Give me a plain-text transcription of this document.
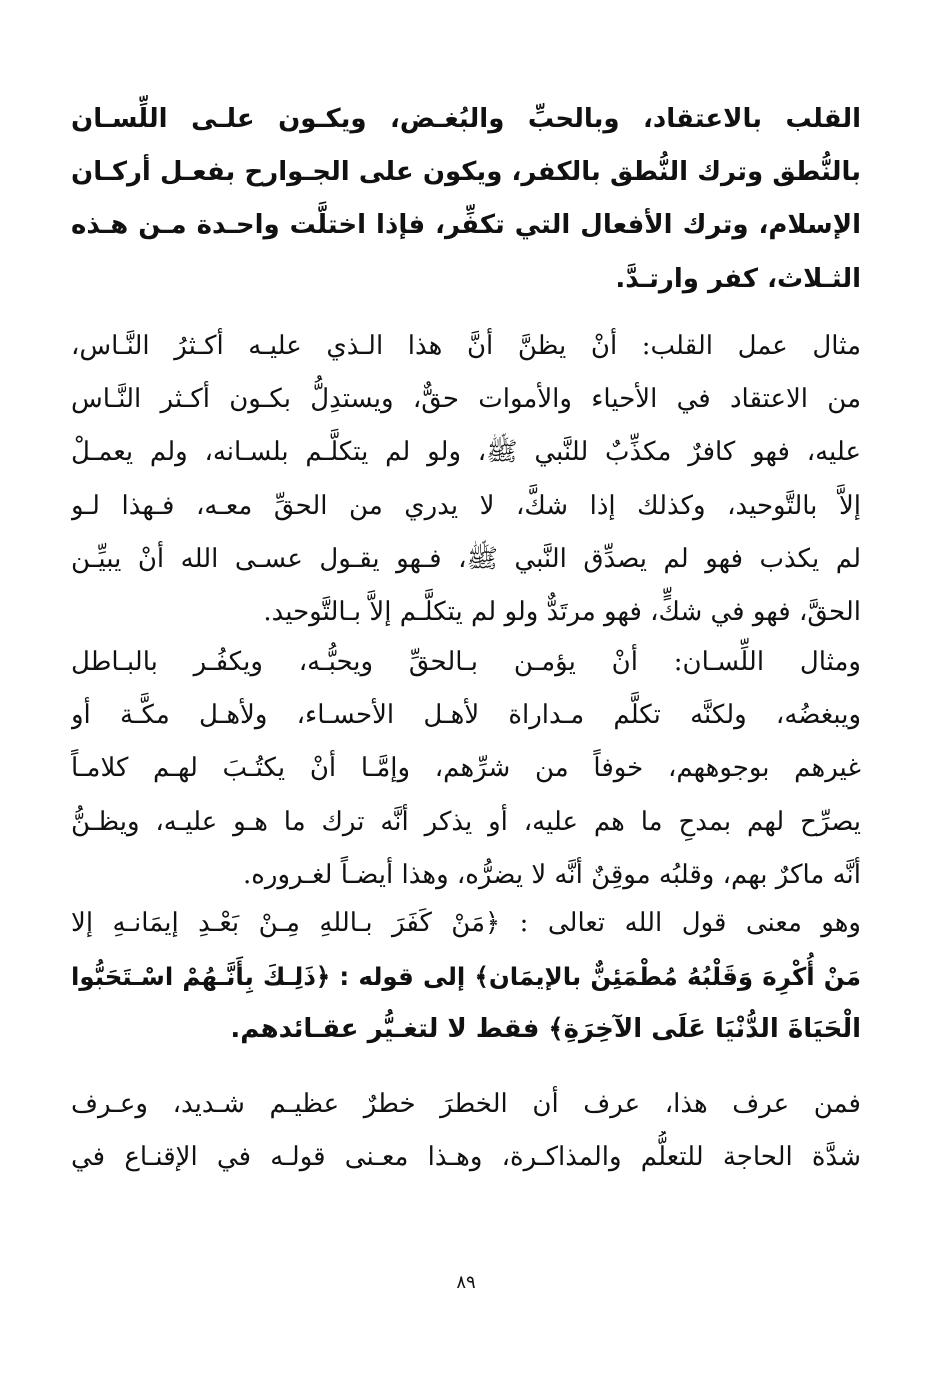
القلب بالاعتقاد، وبالحبِّ والبُغـض، ويكـون علـى اللِّسـان
بالنُّطق وترك النُّطق بالكفر، ويكون على الجـوارح بفعـل أركـان
الإسلام، وترك الأفعال التي تكفِّر، فإذا اختلَّت واحـدة مـن هـذه
الثـلاث، كفر وارتـدَّ.
مثال عمل القلب: أنْ يظنَّ أنَّ هذا الـذي عليـه أكـثرُ النَّـاس،
من الاعتقاد في الأحياء والأموات حقٌّ، ويستدِلُّ بكـون أكـثر النَّـاس
عليه، فهو كافرٌ مكذِّبٌ للنَّبي ﷺ، ولو لم يتكلَّـم بلسـانه، ولم يعمـلْ
إلاَّ بالتَّوحيد، وكذلك إذا شكَّ، لا يدري من الحقِّ معـه، فـهذا لـو
لم يكذب فهو لم يصدِّق النَّبي ﷺ، فـهو يقـول عسـى الله أنْ يبيِّـن
الحقَّ، فهو في شكٍّ، فهو مرتَدٌّ ولو لم يتكلَّـم إلاَّ بـالتَّوحيد.
ومثال اللِّسـان: أنْ يؤمـن بـالحقِّ ويحبُّـه، ويكفُـر بالبـاطل
ويبغضُه، ولكنَّه تكلَّم مـداراة لأهـل الأحسـاء، ولأهـل مكَّـة أو
غيرهم بوجوههم، خوفاً من شرِّهم، وإمَّـا أنْ يكتُـبَ لهـم كلامـاً
يصرِّح لهم بمدحِ ما هم عليه، أو يذكر أنَّه ترك ما هـو عليـه، ويظـنُّ
أنَّه ماكرٌ بهم، وقلبُه موقِنٌ أنَّه لا يضرُّه، وهذا أيضـاً لغـروره.
وهو معنى قول الله تعالى : ﴿مَنْ كَفَرَ بـاللهِ مِـنْ بَعْـدِ إيمَانـهِ إلا
مَنْ أُكْرِهَ وَقَلْبُهُ مُطْمَئِنٌّ بالإيمَان﴾ إلى قوله : ﴿ذَلِـكَ بِأَنَّـهُمْ اسْـتَحَبُّوا
الْحَيَاةَ الدُّنْيَا عَلَى الآخِرَةِ﴾ فقط لا لتغـيُّر عقـائدهم.
فمن عرف هذا، عرف أن الخطرَ خطرٌ عظيـم شـديد، وعـرف
شدَّة الحاجة للتعلُّم والمذاكـرة، وهـذا معـنى قولـه في الإقنـاع في
٨٩
